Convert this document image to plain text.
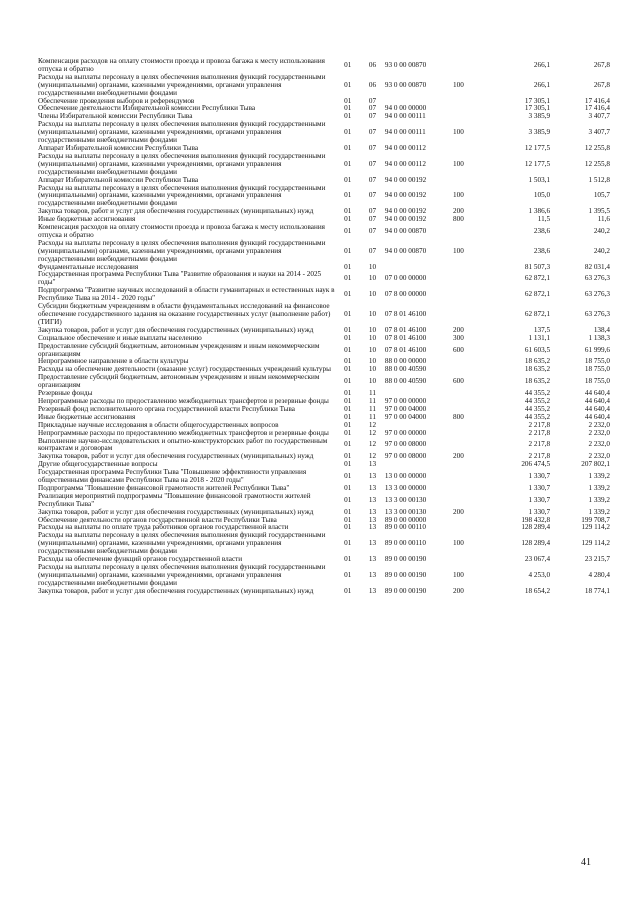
Компенсация расходов на оплату стоимости проезда и провоза багажа к месту использования отпуска и обратно	01	06	93 0 00 00870		266,1	267,8
Расходы на выплаты персоналу в целях обеспечения выполнения функций государственными (муниципальными) органами, казенными учреждениями, органами управления государственными внебюджетными фондами	01	06	93 0 00 00870	100	266,1	267,8
Обеспечение проведения выборов и референдумов	01	07			17 305,1	17 416,4
Обеспечение деятельности Избирательной комиссии Республики Тыва	01	07	94 0 00 00000		17 305,1	17 416,4
Члены Избирательной комиссии Республики Тыва	01	07	94 0 00 00111		3 385,9	3 407,7
Расходы на выплаты персоналу в целях обеспечения выполнения функций государственными (муниципальными) органами, казенными учреждениями, органами управления государственными внебюджетными фондами	01	07	94 0 00 00111	100	3 385,9	3 407,7
Аппарат Избирательной комиссии Республики Тыва	01	07	94 0 00 00112		12 177,5	12 255,8
Расходы на выплаты персоналу в целях обеспечения выполнения функций государственными (муниципальными) органами, казенными учреждениями, органами управления государственными внебюджетными фондами	01	07	94 0 00 00112	100	12 177,5	12 255,8
Аппарат Избирательной комиссии Республики Тыва	01	07	94 0 00 00192		1 503,1	1 512,8
Расходы на выплаты персоналу в целях обеспечения выполнения функций государственными (муниципальными) органами, казенными учреждениями, органами управления государственными внебюджетными фондами	01	07	94 0 00 00192	100	105,0	105,7
Закупка товаров, работ и услуг для обеспечения государственных (муниципальных) нужд	01	07	94 0 00 00192	200	1 386,6	1 395,5
Иные бюджетные ассигнования	01	07	94 0 00 00192	800	11,5	11,6
Компенсация расходов на оплату стоимости проезда и провоза багажа к месту использования отпуска и обратно	01	07	94 0 00 00870		238,6	240,2
Расходы на выплаты персоналу в целях обеспечения выполнения функций государственными (муниципальными) органами, казенными учреждениями, органами управления государственными внебюджетными фондами	01	07	94 0 00 00870	100	238,6	240,2
Фундаментальные исследования	01	10			81 507,3	82 031,4
Государственная программа Республики Тыва "Развитие образования и науки на 2014 - 2025 годы"	01	10	07 0 00 00000		62 872,1	63 276,3
Подпрограмма "Развитие научных исследований в области гуманитарных и естественных наук в Республике Тыва на 2014 - 2020 годы"	01	10	07 8 00 00000		62 872,1	63 276,3
Субсидии бюджетным учреждениям в области фундаментальных исследований на финансовое обеспечение государственного задания на оказание государственных услуг (выполнение работ) (ТИГИ)	01	10	07 8 01 46100		62 872,1	63 276,3
Закупка товаров, работ и услуг для обеспечения государственных (муниципальных) нужд	01	10	07 8 01 46100	200	137,5	138,4
Социальное обеспечение и иные выплаты населению	01	10	07 8 01 46100	300	1 131,1	1 138,3
Предоставление субсидий бюджетным, автономным учреждениям и иным некоммерческим организациям	01	10	07 8 01 46100	600	61 603,5	61 999,6
Непрограммное направление в области культуры	01	10	88 0 00 00000		18 635,2	18 755,0
Расходы на обеспечение деятельности (оказание услуг) государственных учреждений культуры	01	10	88 0 00 40590		18 635,2	18 755,0
Предоставление субсидий бюджетным, автономным учреждениям и иным некоммерческим организациям	01	10	88 0 00 40590	600	18 635,2	18 755,0
Резервные фонды	01	11			44 355,2	44 640,4
Непрограммные расходы по предоставлению межбюджетных трансфертов и резервные фонды	01	11	97 0 00 00000		44 355,2	44 640,4
Резервный фонд исполнительного органа государственной власти Республики Тыва	01	11	97 0 00 04000		44 355,2	44 640,4
Иные бюджетные ассигнования	01	11	97 0 00 04000	800	44 355,2	44 640,4
Прикладные научные исследования в области общегосударственных вопросов	01	12			2 217,8	2 232,0
Непрограммные расходы по предоставлению межбюджетных трансфертов и резервные фонды	01	12	97 0 00 00000		2 217,8	2 232,0
Выполнение научно-исследовательских и опытно-конструкторских работ по государственным контрактам и договорам	01	12	97 0 00 08000		2 217,8	2 232,0
Закупка товаров, работ и услуг для обеспечения государственных (муниципальных) нужд	01	12	97 0 00 08000	200	2 217,8	2 232,0
Другие общегосударственные вопросы	01	13			206 474,5	207 802,1
Государственная программа Республики Тыва "Повышение эффективности управления общественными финансами Республики Тыва на 2018 - 2020 годы"	01	13	13 0 00 00000		1 330,7	1 339,2
Подпрограмма "Повышение финансовой грамотности жителей Республики Тыва"	01	13	13 3 00 00000		1 330,7	1 339,2
Реализация мероприятий подпрограммы "Повышение финансовой грамотности жителей Республики Тыва"	01	13	13 3 00 00130		1 330,7	1 339,2
Закупка товаров, работ и услуг для обеспечения государственных (муниципальных) нужд	01	13	13 3 00 00130	200	1 330,7	1 339,2
Обеспечение деятельности органов государственной власти Республики Тыва	01	13	89 0 00 00000		198 432,8	199 708,7
Расходы на выплаты по оплате труда работников органов государственной власти	01	13	89 0 00 00110		128 289,4	129 114,2
Расходы на выплаты персоналу в целях обеспечения выполнения функций государственными (муниципальными) органами, казенными учреждениями, органами управления государственными внебюджетными фондами	01	13	89 0 00 00110	100	128 289,4	129 114,2
Расходы на обеспечение функций органов государственной власти	01	13	89 0 00 00190		23 067,4	23 215,7
Расходы на выплаты персоналу в целях обеспечения выполнения функций государственными (муниципальными) органами, казенными учреждениями, органами управления государственными внебюджетными фондами	01	13	89 0 00 00190	100	4 253,0	4 280,4
Закупка товаров, работ и услуг для обеспечения государственных (муниципальных) нужд	01	13	89 0 00 00190	200	18 654,2	18 774,1
41
